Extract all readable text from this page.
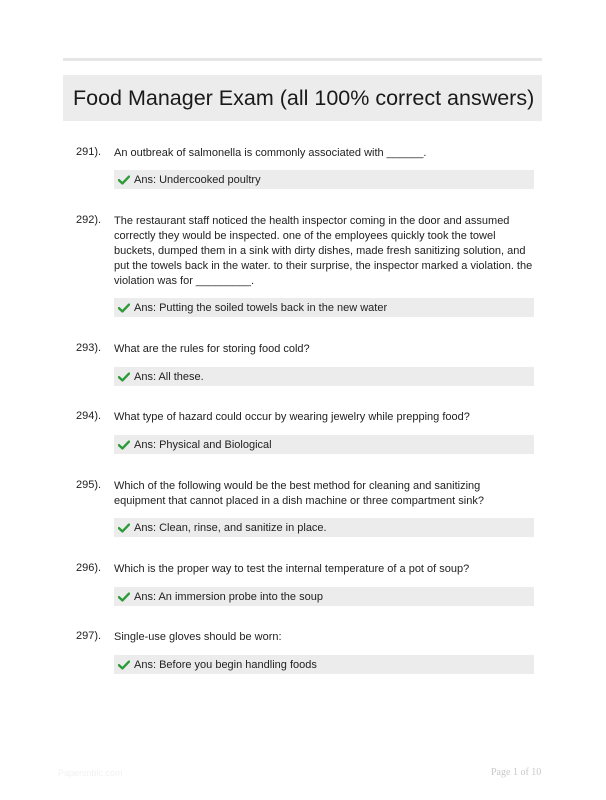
Food Manager Exam (all 100% correct answers)
291). An outbreak of salmonella is commonly associated with ______.
Ans: Undercooked poultry
292). The restaurant staff noticed the health inspector coming in the door and assumed correctly they would be inspected. one of the employees quickly took the towel buckets, dumped them in a sink with dirty dishes, made fresh sanitizing solution, and put the towels back in the water. to their surprise, the inspector marked a violation. the violation was for _________.
Ans: Putting the soiled towels back in the new water
293). What are the rules for storing food cold?
Ans: All these.
294). What type of hazard could occur by wearing jewelry while prepping food?
Ans: Physical and Biological
295). Which of the following would be the best method for cleaning and sanitizing equipment that cannot placed in a dish machine or three compartment sink?
Ans: Clean, rinse, and sanitize in place.
296). Which is the proper way to test the internal temperature of a pot of soup?
Ans: An immersion probe into the soup
297). Single-use gloves should be worn:
Ans: Before you begin handling foods
Papersnbic.com	Page 1 of 10
